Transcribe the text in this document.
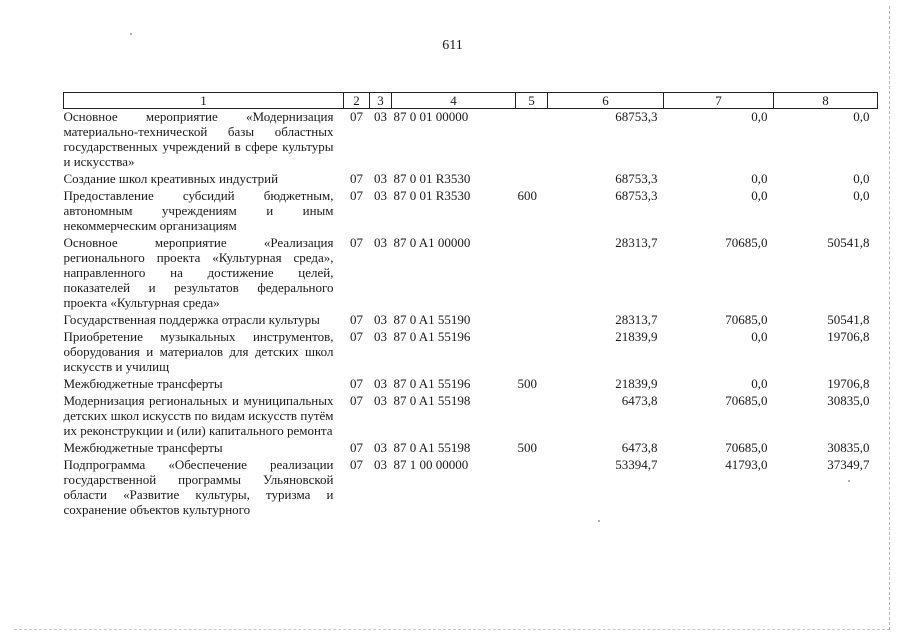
611
1	2	3	4	5	6	7	8
Основное мероприятие «Модернизация материально-технической базы областных государственных учреждений в сфере культуры и искусства»	07	03	87 0 01 00000		68753,3	0,0	0,0
Создание школ креативных индустрий	07	03	87 0 01 R3530		68753,3	0,0	0,0
Предоставление субсидий бюджетным, автономным учреждениям и иным некоммерческим организациям	07	03	87 0 01 R3530	600	68753,3	0,0	0,0
Основное мероприятие «Реализация регионального проекта «Культурная среда», направленного на достижение целей, показателей и результатов федерального проекта «Культурная среда»	07	03	87 0 A1 00000		28313,7	70685,0	50541,8
Государственная поддержка отрасли культуры	07	03	87 0 A1 55190		28313,7	70685,0	50541,8
Приобретение музыкальных инструментов, оборудования и материалов для детских школ искусств и училищ	07	03	87 0 A1 55196		21839,9	0,0	19706,8
Межбюджетные трансферты	07	03	87 0 A1 55196	500	21839,9	0,0	19706,8
Модернизация региональных и муниципальных детских школ искусств по видам искусств путём их реконструкции и (или) капитального ремонта	07	03	87 0 A1 55198		6473,8	70685,0	30835,0
Межбюджетные трансферты	07	03	87 0 A1 55198	500	6473,8	70685,0	30835,0
Подпрограмма «Обеспечение реализации государственной программы Ульяновской области «Развитие культуры, туризма и сохранение объектов культурного	07	03	87 1 00 00000		53394,7	41793,0	37349,7
